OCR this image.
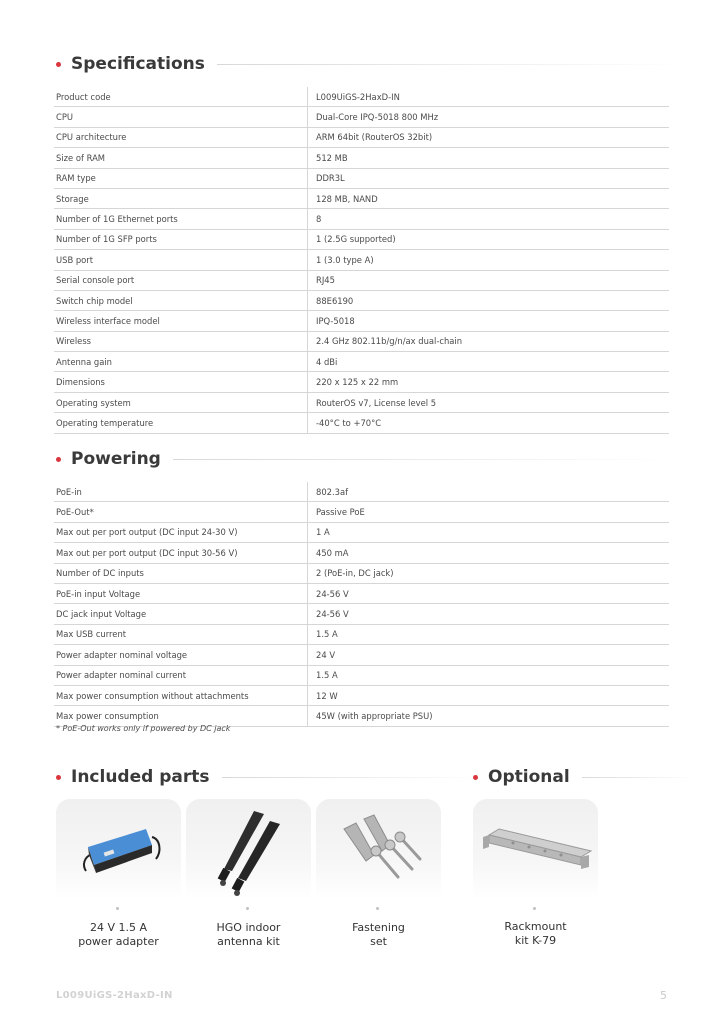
Specifications
Product code	L009UiGS-2HaxD-IN
CPU	Dual-Core IPQ-5018 800 MHz
CPU architecture	ARM 64bit (RouterOS 32bit)
Size of RAM	512 MB
RAM type	DDR3L
Storage	128 MB, NAND
Number of 1G Ethernet ports	8
Number of 1G SFP ports	1 (2.5G supported)
USB port	1 (3.0 type A)
Serial console port	RJ45
Switch chip model	88E6190
Wireless interface model	IPQ-5018
Wireless	2.4 GHz 802.11b/g/n/ax dual-chain
Antenna gain	4 dBi
Dimensions	220 x 125 x 22 mm
Operating system	RouterOS v7, License level 5
Operating temperature	-40°C to +70°C
Powering
PoE-in	802.3af
PoE-Out*	Passive PoE
Max out per port output (DC input 24-30 V)	1 A
Max out per port output (DC input 30-56 V)	450 mA
Number of DC inputs	2 (PoE-in, DC jack)
PoE-in input Voltage	24-56 V
DC jack input Voltage	24-56 V
Max USB current	1.5 A
Power adapter nominal voltage	24 V
Power adapter nominal current	1.5 A
Max power consumption without attachments	12 W
Max power consumption	45W (with appropriate PSU)
* PoE-Out works only if powered by DC jack
Included parts	Optional
24 V 1.5 A
power adapter
HGO indoor
antenna kit
Fastening
set
Rackmount
kit K-79
L009UiGS-2HaxD-IN	5
